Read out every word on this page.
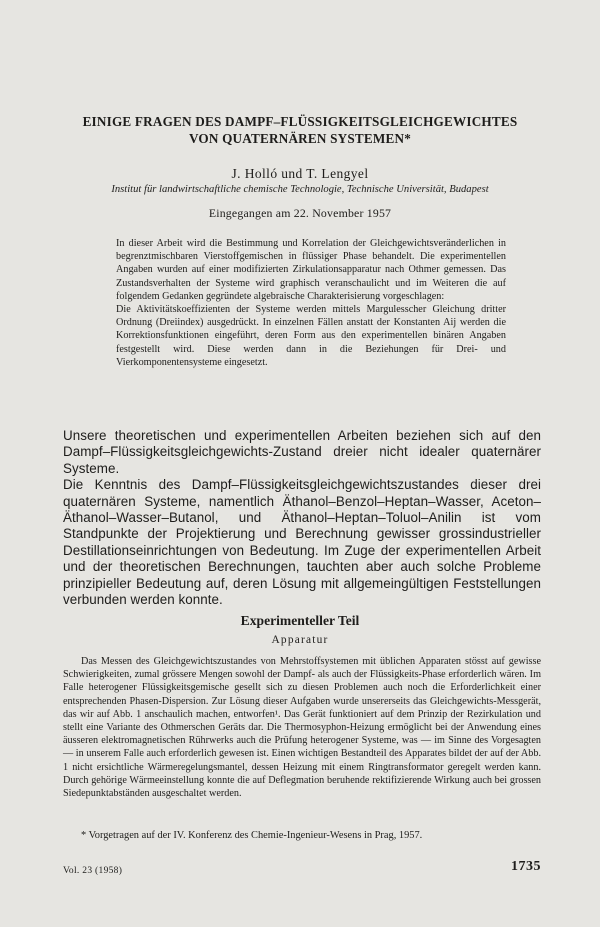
EINIGE FRAGEN DES DAMPF–FLÜSSIGKEITSGLEICHGEWICHTES
VON QUATERNÄREN SYSTEMEN*
J. Holló und T. Lengyel
Institut für landwirtschaftliche chemische Technologie, Technische Universität, Budapest
Eingegangen am 22. November 1957

In dieser Arbeit wird die Bestimmung und Korrelation der Gleichgewichtsveränderlichen in begrenztmischbaren Vierstoffgemischen in flüssiger Phase behandelt. Die experimentellen Angaben wurden auf einer modifizierten Zirkulationsapparatur nach Othmer gemessen. Das Zustandsverhalten der Systeme wird graphisch veranschaulicht und im Weiteren die auf folgendem Gedanken gegründete algebraische Charakterisierung vorgeschlagen:

Die Aktivitätskoeffizienten der Systeme werden mittels Margulesscher Gleichung dritter Ordnung (Dreiindex) ausgedrückt. In einzelnen Fällen anstatt der Konstanten Aij werden die Korrektionsfunktionen eingeführt, deren Form aus den experimentellen binären Angaben festgestellt wird. Diese werden dann in die Beziehungen für Drei- und Vierkomponentensysteme eingesetzt.

Unsere theoretischen und experimentellen Arbeiten beziehen sich auf den Dampf–Flüssigkeitsgleichgewichts-Zustand dreier nicht idealer quaternärer Systeme.

Die Kenntnis des Dampf–Flüssigkeitsgleichgewichtszustandes dieser drei quaternären Systeme, namentlich Äthanol–Benzol–Heptan–Wasser, Aceton–Äthanol–Wasser–Butanol, und Äthanol–Heptan–Toluol–Anilin ist vom Standpunkte der Projektierung und Berechnung gewisser grossindustrieller Destillationseinrichtungen von Bedeutung. Im Zuge der experimentellen Arbeit und der theoretischen Berechnungen, tauchten aber auch solche Probleme prinzipieller Bedeutung auf, deren Lösung mit allgemeingültigen Feststellungen verbunden werden konnte.

Experimenteller Teil
Apparatur

Das Messen des Gleichgewichtszustandes von Mehrstoffsystemen mit üblichen Apparaten stösst auf gewisse Schwierigkeiten, zumal grössere Mengen sowohl der Dampf- als auch der Flüssigkeits-Phase erforderlich wären. Im Falle heterogener Flüssigkeitsgemische gesellt sich zu diesen Problemen auch noch die Erforderlichkeit einer entsprechenden Phasen-Dispersion. Zur Lösung dieser Aufgaben wurde unsererseits das Gleichgewichts-Messgerät, das wir auf Abb. 1 anschaulich machen, entworfen¹. Das Gerät funktioniert auf dem Prinzip der Rezirkulation und stellt eine Variante des Othmerschen Geräts dar. Die Thermosyphon-Heizung ermöglicht bei der Anwendung eines äusseren elektromagnetischen Rührwerks auch die Prüfung heterogener Systeme, was — im Sinne des Vorgesagten — in unserem Falle auch erforderlich gewesen ist. Einen wichtigen Bestandteil des Apparates bildet der auf der Abb. 1 nicht ersichtliche Wärmeregelungsmantel, dessen Heizung mit einem Ringtransformator geregelt werden kann. Durch gehörige Wärmeeinstellung konnte die auf Deflegmation beruhende rektifizierende Wirkung auch bei grossen Siedepunktabständen ausgeschaltet werden.

* Vorgetragen auf der IV. Konferenz des Chemie-Ingenieur-Wesens in Prag, 1957.

Vol. 23 (1958)	1735
